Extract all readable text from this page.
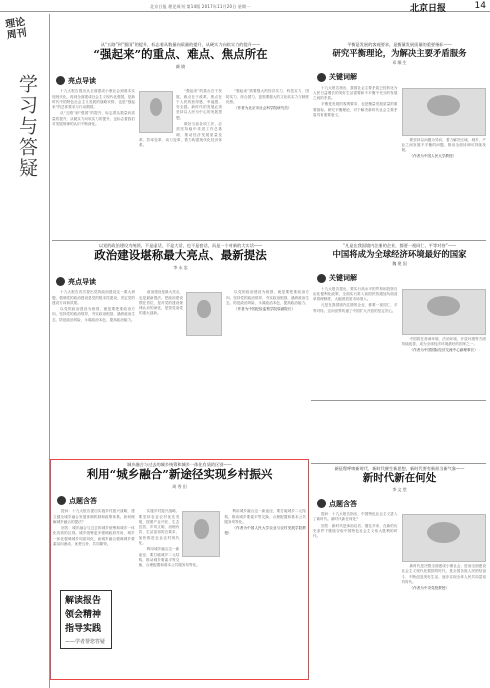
北京日报 理论周刊 第14版 2017年11月20日 星期一	北京日报	14
理论周刊
学习与答疑
从“五路”到“强国”的提升，标志着从数量向质量的提升，从硬实力向软实力的提升——
“强起来”的重点、难点、焦点所在
颜 晓
亮点导读
十九大报告提出从全面建成小康社会到基本实现现代化，再到全面建成社会主义现代化强国，是新时代中国特色社会主义发展的战略安排，也是“强起来”的总体要求与行动纲领。
从“五路”到“强国”的提升，标志着从数量向质量的提升，从硬实力向软实力的提升，也标志着我们对发展规律的认识不断深化。
“强起来”的重点在于发展，难点在于改革，焦点在于人民的获得感、幸福感、安全感。新时代的发展必须坚持以人民为中心的发展思想。
做好当前各项工作，必须坚持稳中求进工作总基调，推动经济发展质量变革、效率变革、动力变革，着力构建现代化经济体系。
“强起来”需要强大的经济实力、科技实力、国防实力、综合国力，更需要强大的文化软实力与制度优势。
（作者为北京市社会科学院研究员）
平衡是发展的客观要求，是衡量发展质量的重要指标——
研究平衡理论，为解决主要矛盾服务
邓 顺 生
关键词解
十九大报告指出，我国社会主要矛盾已经转化为人民日益增长的美好生活需要和不平衡不充分的发展之间的矛盾。
平衡是发展的客观要求，也是衡量发展质量的重要指标。研究平衡理论，对于解决新时代社会主要矛盾具有重要意义。
要坚持以问题为导向，着力解决区域、城乡、产业之间发展不平衡的问题，推动全面协调可持续发展。
（作者为中国人民大学教授）
以党的政治建设为统领，不是虚话，不是大话，也不是套话，而是一个对新的大实话——
政治建设堪称最大亮点、最新提法
李 永 忠
亮点导读
十九大报告首次提出党的政治建设这一重大命题，强调党的政治建设是党的根本性建设，决定党的建设方向和效果。
以党的政治建设为统领，就是要把准政治方向，坚持党的政治领导，夯实政治根基，涵养政治生态，防范政治风险，永葆政治本色，提高政治能力。
政治建设是最大亮点，也是最新提法。把政治建设摆在首位，是对党的建设规律认识的深化，是管党治党的重大创新。
以党的政治建设为统领，就是要把准政治方向，坚持党的政治领导，夯实政治根基，涵养政治生态，防范政治风险，永葆政治本色，提高政治能力。
（作者为中国纪检监察学院原副院长）
“凡是在我国境内注册的企业，都要一视同仁、平等对待”——
中国将成为全球经济环境最好的国家
魏 建 国
关键词解
十九大报告提出，要实行高水平的贸易和投资自由化便利化政策，全面实行准入前国民待遇加负面清单管理制度，大幅度放宽市场准入。
凡是在我国境内注册的企业，都要一视同仁、平等对待。这向世界传递了中国扩大开放的坚定决心。
中国将在营商环境、法治环境、开放环境等方面持续改善，成为全球经济环境最好的国家之一。
（作者为中国国际经济交流中心副理事长）
城乡融合与过去的城乡统筹和城乡一体化有质的区别——
利用“城乡融合”新途径实现乡村振兴
周 秀 田
点题含答
提问：十九大报告提出实施乡村振兴战略，建立健全城乡融合发展体制机制和政策体系。如何理解城乡融合的提法？
回答：城乡融合与过去的城乡统筹和城乡一体化有质的区别。城乡统筹更多强调政府作用，城乡一体化强调城乡同质同化，而城乡融合强调城乡要素双向流动、优势互补、共同繁荣。
实施乡村振兴战略，要坚持农业农村优先发展，按照产业兴旺、生态宜居、乡风文明、治理有效、生活富裕的总要求，加快推进农业农村现代化。
利用城乡融合这一新途径，要打破城乡二元结构，推动城乡要素平等交换、合理配置和基本公共服务均等化。
利用城乡融合这一新途径，要打破城乡二元结构，推动城乡要素平等交换、合理配置和基本公共服务均等化。
（作者为中国人民大学农业与农村发展学院教授）
解读报告
领会精神
指导实践
——学者帮您答疑
新征程呼唤新时代，新时代催生新思想，新时代要有新担当新气象——
新时代新在何处
李 文 堂
点题含答
提问：十九大报告指出，中国特色社会主义进入了新时代。新时代新在何处？
回答：新时代是承前启后、继往开来、在新的历史条件下继续夺取中国特色社会主义伟大胜利的时代。
新时代是决胜全面建成小康社会、进而全面建设社会主义现代化强国的时代，是全国各族人民团结奋斗、不断创造美好生活、逐步实现全体人民共同富裕的时代。
（作者为中央党校教授）
